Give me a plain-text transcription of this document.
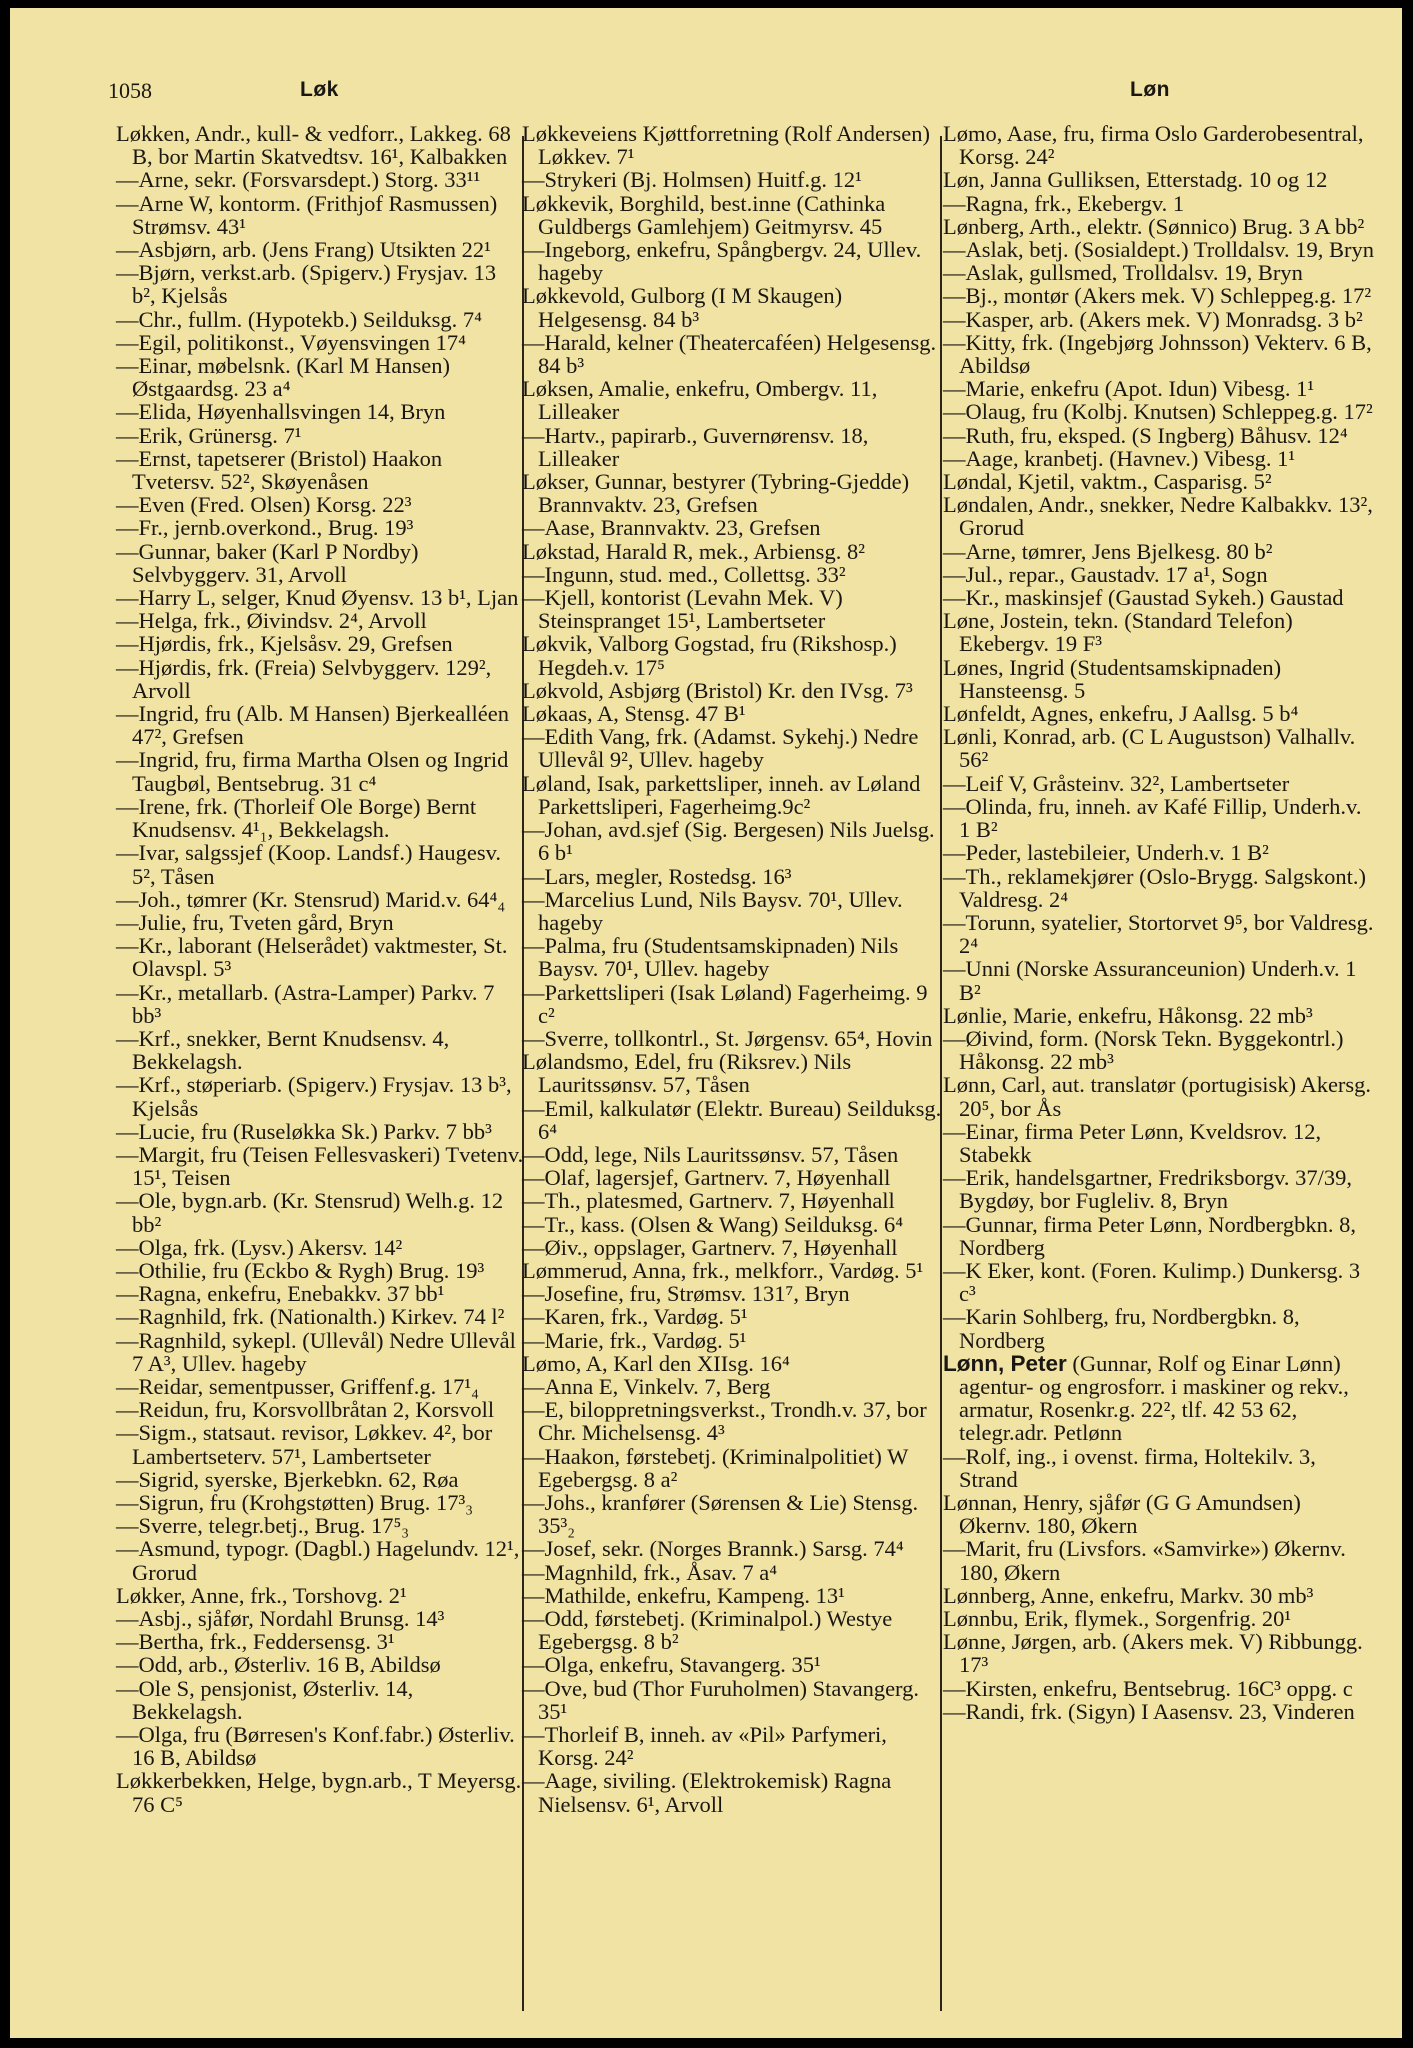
1058	Løk	Løn

Løkken, Andr., kull- & vedforr., Lakkeg. 68 B, bor Martin Skatvedtsv. 16¹, Kalbakken

—Arne, sekr. (Forsvarsdept.) Storg. 33¹¹

—Arne W, kontorm. (Frithjof Rasmussen) Strømsv. 43¹

—Asbjørn, arb. (Jens Frang) Utsikten 22¹

—Bjørn, verkst.arb. (Spigerv.) Frysjav. 13 b², Kjelsås

—Chr., fullm. (Hypotekb.) Seilduksg. 7⁴

—Egil, politikonst., Vøyensvingen 17⁴

—Einar, møbelsnk. (Karl M Hansen) Østgaardsg. 23 a⁴

—Elida, Høyenhallsvingen 14, Bryn

—Erik, Grünersg. 7¹

—Ernst, tapetserer (Bristol) Haakon Tvetersv. 52², Skøyenåsen

—Even (Fred. Olsen) Korsg. 22³

—Fr., jernb.overkond., Brug. 19³

—Gunnar, baker (Karl P Nordby) Selvbyggerv. 31, Arvoll

—Harry L, selger, Knud Øyensv. 13 b¹, Ljan

—Helga, frk., Øivindsv. 2⁴, Arvoll

—Hjørdis, frk., Kjelsåsv. 29, Grefsen

—Hjørdis, frk. (Freia) Selvbyggerv. 129², Arvoll

—Ingrid, fru (Alb. M Hansen) Bjerkealléen 47², Grefsen

—Ingrid, fru, firma Martha Olsen og Ingrid Taugbøl, Bentsebrug. 31 c⁴

—Irene, frk. (Thorleif Ole Borge) Bernt Knudsensv. 4¹₁, Bekkelagsh.

—Ivar, salgssjef (Koop. Landsf.) Haugesv. 5², Tåsen

—Joh., tømrer (Kr. Stensrud) Marid.v. 64⁴₄

—Julie, fru, Tveten gård, Bryn

—Kr., laborant (Helserådet) vaktmester, St. Olavspl. 5³

—Kr., metallarb. (Astra-Lamper) Parkv. 7 bb³

—Krf., snekker, Bernt Knudsensv. 4, Bekkelagsh.

—Krf., støperiarb. (Spigerv.) Frysjav. 13 b³, Kjelsås

—Lucie, fru (Ruseløkka Sk.) Parkv. 7 bb³

—Margit, fru (Teisen Fellesvaskeri) Tvetenv. 15¹, Teisen

—Ole, bygn.arb. (Kr. Stensrud) Welh.g. 12 bb²

—Olga, frk. (Lysv.) Akersv. 14²

—Othilie, fru (Eckbo & Rygh) Brug. 19³

—Ragna, enkefru, Enebakkv. 37 bb¹

—Ragnhild, frk. (Nationalth.) Kirkev. 74 l²

—Ragnhild, sykepl. (Ullevål) Nedre Ullevål 7 A³, Ullev. hageby

—Reidar, sementpusser, Griffenf.g. 17¹₄

—Reidun, fru, Korsvollbråtan 2, Korsvoll

—Sigm., statsaut. revisor, Løkkev. 4², bor Lambertseterv. 57¹, Lambertseter

—Sigrid, syerske, Bjerkebkn. 62, Røa

—Sigrun, fru (Krohgstøtten) Brug. 17³₃

—Sverre, telegr.betj., Brug. 17⁵₃

—Asmund, typogr. (Dagbl.) Hagelundv. 12¹, Grorud

Løkker, Anne, frk., Torshovg. 2¹

—Asbj., sjåfør, Nordahl Brunsg. 14³

—Bertha, frk., Feddersensg. 3¹

—Odd, arb., Østerliv. 16 B, Abildsø

—Ole S, pensjonist, Østerliv. 14, Bekkelagsh.

—Olga, fru (Børresen's Konf.fabr.) Østerliv. 16 B, Abildsø

Løkkerbekken, Helge, bygn.arb., T Meyersg. 76 C⁵

Løkkeveiens Kjøttforretning (Rolf Andersen) Løkkev. 7¹

—Strykeri (Bj. Holmsen) Huitf.g. 12¹

Løkkevik, Borghild, best.inne (Cathinka Guldbergs Gamlehjem) Geitmyrsv. 45

—Ingeborg, enkefru, Spångbergv. 24, Ullev. hageby

Løkkevold, Gulborg (I M Skaugen) Helgesensg. 84 b³

—Harald, kelner (Theatercaféen) Helgesensg. 84 b³

Løksen, Amalie, enkefru, Ombergv. 11, Lilleaker

—Hartv., papirarb., Guvernørensv. 18, Lilleaker

Løkser, Gunnar, bestyrer (Tybring-Gjedde) Brannvaktv. 23, Grefsen

—Aase, Brannvaktv. 23, Grefsen

Løkstad, Harald R, mek., Arbiensg. 8²

—Ingunn, stud. med., Collettsg. 33²

—Kjell, kontorist (Levahn Mek. V) Steinspranget 15¹, Lambertseter

Løkvik, Valborg Gogstad, fru (Rikshosp.) Hegdeh.v. 17⁵

Løkvold, Asbjørg (Bristol) Kr. den IVsg. 7³

Løkaas, A, Stensg. 47 B¹

—Edith Vang, frk. (Adamst. Sykehj.) Nedre Ullevål 9², Ullev. hageby

Løland, Isak, parkettsliper, inneh. av Løland Parkettsliperi, Fagerheimg.9c²

—Johan, avd.sjef (Sig. Bergesen) Nils Juelsg. 6 b¹

—Lars, megler, Rostedsg. 16³

—Marcelius Lund, Nils Baysv. 70¹, Ullev. hageby

—Palma, fru (Studentsamskipnaden) Nils Baysv. 70¹, Ullev. hageby

—Parkettsliperi (Isak Løland) Fagerheimg. 9 c²

—Sverre, tollkontrl., St. Jørgensv. 65⁴, Hovin

Lølandsmo, Edel, fru (Riksrev.) Nils Lauritssønsv. 57, Tåsen

—Emil, kalkulatør (Elektr. Bureau) Seilduksg. 6⁴

—Odd, lege, Nils Lauritssønsv. 57, Tåsen

—Olaf, lagersjef, Gartnerv. 7, Høyenhall

—Th., platesmed, Gartnerv. 7, Høyenhall

—Tr., kass. (Olsen & Wang) Seilduksg. 6⁴

—Øiv., oppslager, Gartnerv. 7, Høyenhall

Lømmerud, Anna, frk., melkforr., Vardøg. 5¹

—Josefine, fru, Strømsv. 131⁷, Bryn

—Karen, frk., Vardøg. 5¹

—Marie, frk., Vardøg. 5¹

Lømo, A, Karl den XIIsg. 16⁴

—Anna E, Vinkelv. 7, Berg

—E, biloppretningsverkst., Trondh.v. 37, bor Chr. Michelsensg. 4³

—Haakon, førstebetj. (Kriminalpolitiet) W Egebergsg. 8 a²

—Johs., kranfører (Sørensen & Lie) Stensg. 35³₂

—Josef, sekr. (Norges Brannk.) Sarsg. 74⁴

—Magnhild, frk., Åsav. 7 a⁴

—Mathilde, enkefru, Kampeng. 13¹

—Odd, førstebetj. (Kriminalpol.) Westye Egebergsg. 8 b²

—Olga, enkefru, Stavangerg. 35¹

—Ove, bud (Thor Furuholmen) Stavangerg. 35¹

—Thorleif B, inneh. av «Pil» Parfymeri, Korsg. 24²

—Aage, siviling. (Elektrokemisk) Ragna Nielsensv. 6¹, Arvoll

Lømo, Aase, fru, firma Oslo Garderobesentral, Korsg. 24²

Løn, Janna Gulliksen, Etterstadg. 10 og 12

—Ragna, frk., Ekebergv. 1

Lønberg, Arth., elektr. (Sønnico) Brug. 3 A bb²

—Aslak, betj. (Sosialdept.) Trolldalsv. 19, Bryn

—Aslak, gullsmed, Trolldalsv. 19, Bryn

—Bj., montør (Akers mek. V) Schleppeg.g. 17²

—Kasper, arb. (Akers mek. V) Monradsg. 3 b²

—Kitty, frk. (Ingebjørg Johnsson) Vekterv. 6 B, Abildsø

—Marie, enkefru (Apot. Idun) Vibesg. 1¹

—Olaug, fru (Kolbj. Knutsen) Schleppeg.g. 17²

—Ruth, fru, eksped. (S Ingberg) Båhusv. 12⁴

—Aage, kranbetj. (Havnev.) Vibesg. 1¹

Løndal, Kjetil, vaktm., Casparisg. 5²

Løndalen, Andr., snekker, Nedre Kalbakkv. 13², Grorud

—Arne, tømrer, Jens Bjelkesg. 80 b²

—Jul., repar., Gaustadv. 17 a¹, Sogn

—Kr., maskinsjef (Gaustad Sykeh.) Gaustad

Løne, Jostein, tekn. (Standard Telefon) Ekebergv. 19 F³

Lønes, Ingrid (Studentsamskipnaden) Hansteensg. 5

Lønfeldt, Agnes, enkefru, J Aallsg. 5 b⁴

Lønli, Konrad, arb. (C L Augustson) Valhallv. 56²

—Leif V, Gråsteinv. 32², Lambertseter

—Olinda, fru, inneh. av Kafé Fillip, Underh.v. 1 B²

—Peder, lastebileier, Underh.v. 1 B²

—Th., reklamekjører (Oslo-Brygg. Salgskont.) Valdresg. 2⁴

—Torunn, syatelier, Stortorvet 9⁵, bor Valdresg. 2⁴

—Unni (Norske Assuranceunion) Underh.v. 1 B²

Lønlie, Marie, enkefru, Håkonsg. 22 mb³

—Øivind, form. (Norsk Tekn. Byggekontrl.) Håkonsg. 22 mb³

Lønn, Carl, aut. translatør (portugisisk) Akersg. 20⁵, bor Ås

—Einar, firma Peter Lønn, Kveldsrov. 12, Stabekk

—Erik, handelsgartner, Fredriksborgv. 37/39, Bygdøy, bor Fugleliv. 8, Bryn

—Gunnar, firma Peter Lønn, Nordbergbkn. 8, Nordberg

—K Eker, kont. (Foren. Kulimp.) Dunkersg. 3 c³

—Karin Sohlberg, fru, Nordbergbkn. 8, Nordberg

Lønn, Peter (Gunnar, Rolf og Einar Lønn) agentur- og engrosforr. i maskiner og rekv., armatur, Rosenkr.g. 22², tlf. 42 53 62, telegr.adr. Petlønn

—Rolf, ing., i ovenst. firma, Holtekilv. 3, Strand

Lønnan, Henry, sjåfør (G G Amundsen) Økernv. 180, Økern

—Marit, fru (Livsfors. «Samvirke») Økernv. 180, Økern

Lønnberg, Anne, enkefru, Markv. 30 mb³

Lønnbu, Erik, flymek., Sorgenfrig. 20¹

Lønne, Jørgen, arb. (Akers mek. V) Ribbungg. 17³

—Kirsten, enkefru, Bentsebrug. 16C³ oppg. c

—Randi, frk. (Sigyn) I Aasensv. 23, Vinderen
